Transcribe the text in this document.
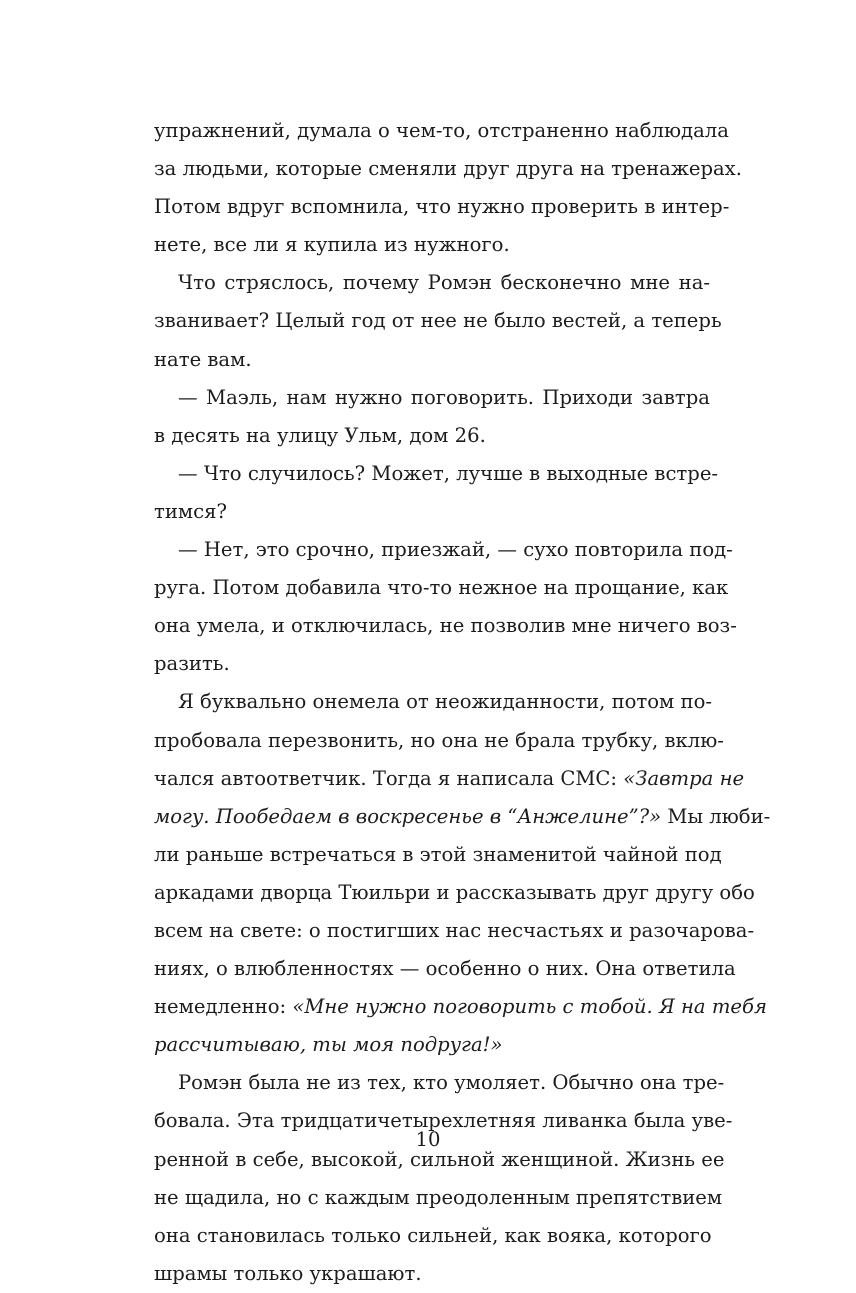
упражнений, думала о чем-то, отстраненно наблюдала
за людьми, которые сменяли друг друга на тренажерах.
Потом вдруг вспомнила, что нужно проверить в интер-
нете, все ли я купила из нужного.
Что стряслось, почему Ромэн бесконечно мне на-
званивает? Целый год от нее не было вестей, а теперь
нате вам.
— Маэль, нам нужно поговорить. Приходи завтра
в десять на улицу Ульм, дом 26.
— Что случилось? Может, лучше в выходные встре-
тимся?
— Нет, это срочно, приезжай, — сухо повторила под-
руга. Потом добавила что-то нежное на прощание, как
она умела, и отключилась, не позволив мне ничего воз-
разить.
Я буквально онемела от неожиданности, потом по-
пробовала перезвонить, но она не брала трубку, вклю-
чался автоответчик. Тогда я написала СМС: «Завтра не
могу. Пообедаем в воскресенье в “Анжелине”?» Мы люби-
ли раньше встречаться в этой знаменитой чайной под
аркадами дворца Тюильри и рассказывать друг другу обо
всем на свете: о постигших нас несчастьях и разочарова-
ниях, о влюбленностях — особенно о них. Она ответила
немедленно: «Мне нужно поговорить с тобой. Я на тебя
рассчитываю, ты моя подруга!»
Ромэн была не из тех, кто умоляет. Обычно она тре-
бовала. Эта тридцатичетырехлетняя ливанка была уве-
ренной в себе, высокой, сильной женщиной. Жизнь ее
не щадила, но с каждым преодоленным препятствием
она становилась только сильней, как вояка, которого
шрамы только украшают.
10
